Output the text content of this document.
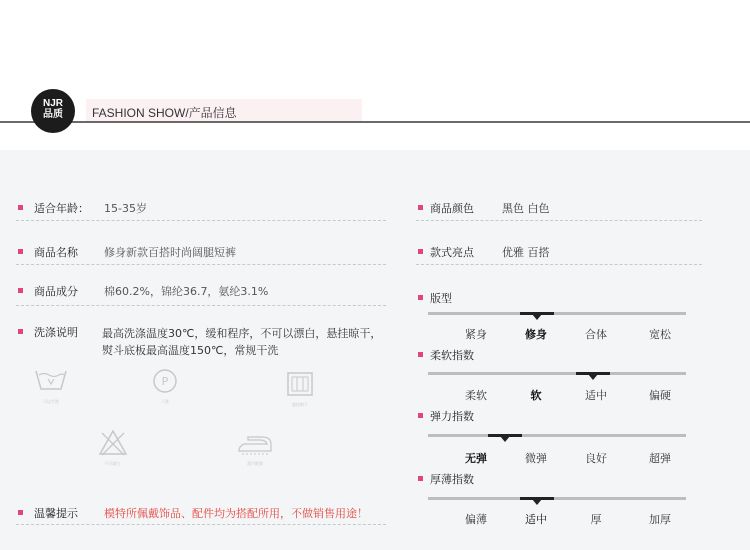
NJR
品质	FASHION SHOW/产品信息
适合年龄： 15-35岁
商品名称 修身新款百搭时尚阔腿短裤
商品成分 棉60.2%，锦纶36.7，氨纶3.1%
洗涤说明 最高洗涤温度30℃，缓和程序，不可以漂白，悬挂晾干，
熨斗底板最高温度150℃，常规干洗
可以手洗
P
干洗
悬挂晾干
不可漂白	蒸汽熨烫
温馨提示 模特所佩戴饰品、配件均为搭配所用，不做销售用途！
商品颜色	黑色 白色
款式亮点	优雅 百搭
版型
紧身	修身	合体	宽松
柔软指数
柔软	软	适中	偏硬
弹力指数
无弹	微弹	良好	超弹
厚薄指数
偏薄	适中	厚	加厚
